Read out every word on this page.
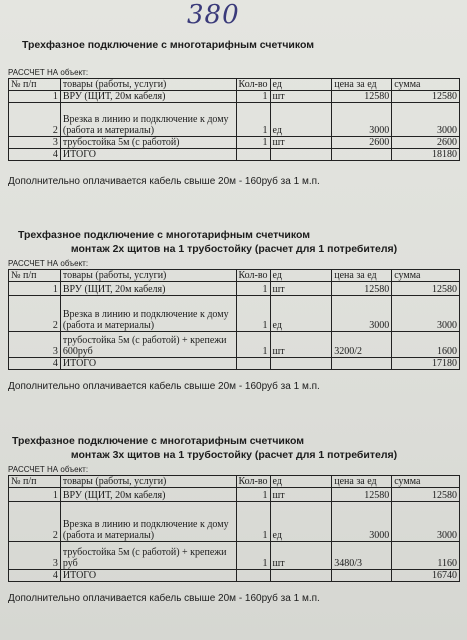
380

Трехфазное подключение с многотарифным счетчиком

РАССЧЕТ НА объект:
№ п/п	товары (работы, услуги)	Кол-во	ед	цена за ед	сумма
1	ВРУ (ЩИТ, 20м кабеля)	1	шт	12580	12580
2	Врезка в линию и подключение к дому (работа и материалы)	1	ед	3000	3000
3	трубостойка 5м (с работой)	1	шт	2600	2600
4	ИТОГО				18180
Дополнительно оплачивается кабель свыше 20м - 160руб за 1 м.п.

Трехфазное подключение с многотарифным счетчиком

монтаж 2х щитов на 1 трубостойку (расчет для 1 потребителя)

РАССЧЕТ НА объект:
№ п/п	товары (работы, услуги)	Кол-во	ед	цена за ед	сумма
1	ВРУ (ЩИТ, 20м кабеля)	1	шт	12580	12580
2	Врезка в линию и подключение к дому (работа и материалы)	1	ед	3000	3000
3	трубостойка 5м (с работой) + крепежи 600руб	1	шт	3200/2	1600
4	ИТОГО				17180
Дополнительно оплачивается кабель свыше 20м - 160руб за 1 м.п.

Трехфазное подключение с многотарифным счетчиком

монтаж 3х щитов на 1 трубостойку (расчет для 1 потребителя)

РАССЧЕТ НА объект:
№ п/п	товары (работы, услуги)	Кол-во	ед	цена за ед	сумма
1	ВРУ (ЩИТ, 20м кабеля)	1	шт	12580	12580
2	Врезка в линию и подключение к дому (работа и материалы)	1	ед	3000	3000
3	трубостойка 5м (с работой) + крепежи руб	1	шт	3480/3	1160
4	ИТОГО				16740
Дополнительно оплачивается кабель свыше 20м - 160руб за 1 м.п.
